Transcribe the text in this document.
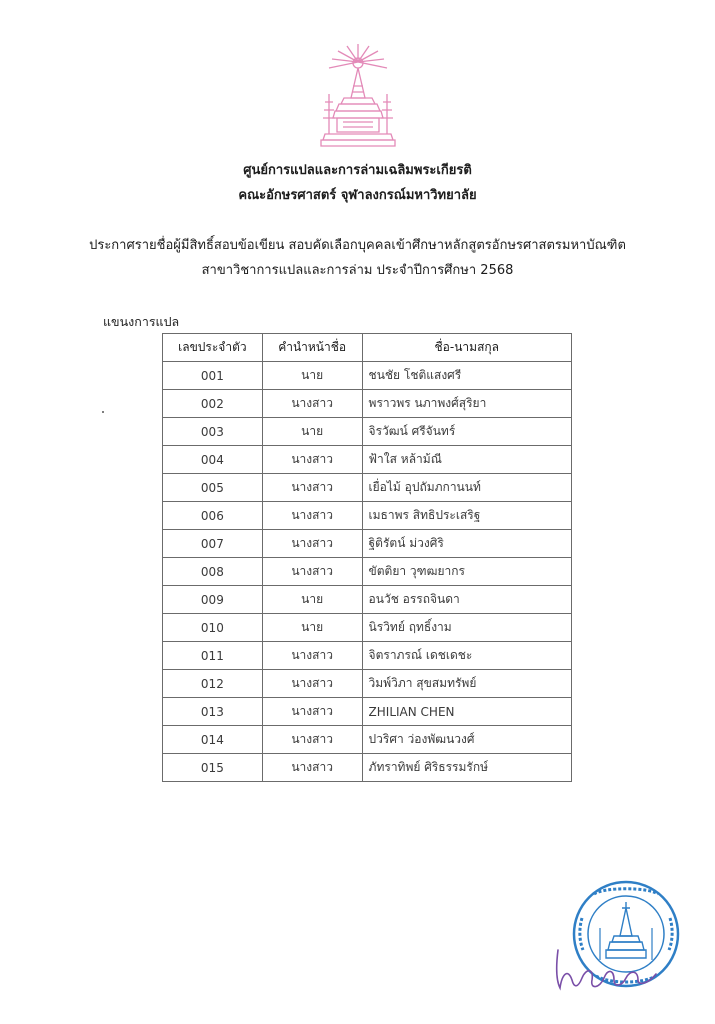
ศูนย์การแปลและการล่ามเฉลิมพระเกียรติ
คณะอักษรศาสตร์ จุฬาลงกรณ์มหาวิทยาลัย
ประกาศรายชื่อผู้มีสิทธิ์สอบข้อเขียน สอบคัดเลือกบุคคลเข้าศึกษาหลักสูตรอักษรศาสตรมหาบัณฑิต
สาขาวิชาการแปลและการล่าม ประจำปีการศึกษา 2568
แขนงการแปล
เลขประจำตัว	คำนำหน้าชื่อ	ชื่อ-นามสกุล
001	นาย	ชนชัย โชติแสงศรี
002	นางสาว	พราวพร นภาพงศ์สุริยา
003	นาย	จิรวัฒน์ ศรีจันทร์
004	นางสาว	ฟ้าใส หล้าม้ณี
005	นางสาว	เยื่อไม้ อุปถัมภกานนท์
006	นางสาว	เมธาพร สิทธิประเสริฐ
007	นางสาว	ฐิติรัตน์ ม่วงศิริ
008	นางสาว	ขัตติยา วุฑฒยากร
009	นาย	อนวัช อรรถจินดา
010	นาย	นิรวิทย์ ฤทธิ์งาม
011	นางสาว	จิตราภรณ์ เดชเดชะ
012	นางสาว	วิมพ์วิภา สุขสมทรัพย์
013	นางสาว	ZHILIAN CHEN
014	นางสาว	ปวริศา ว่องพัฒนวงศ์
015	นางสาว	ภัทราทิพย์ ศิริธรรมรักษ์
